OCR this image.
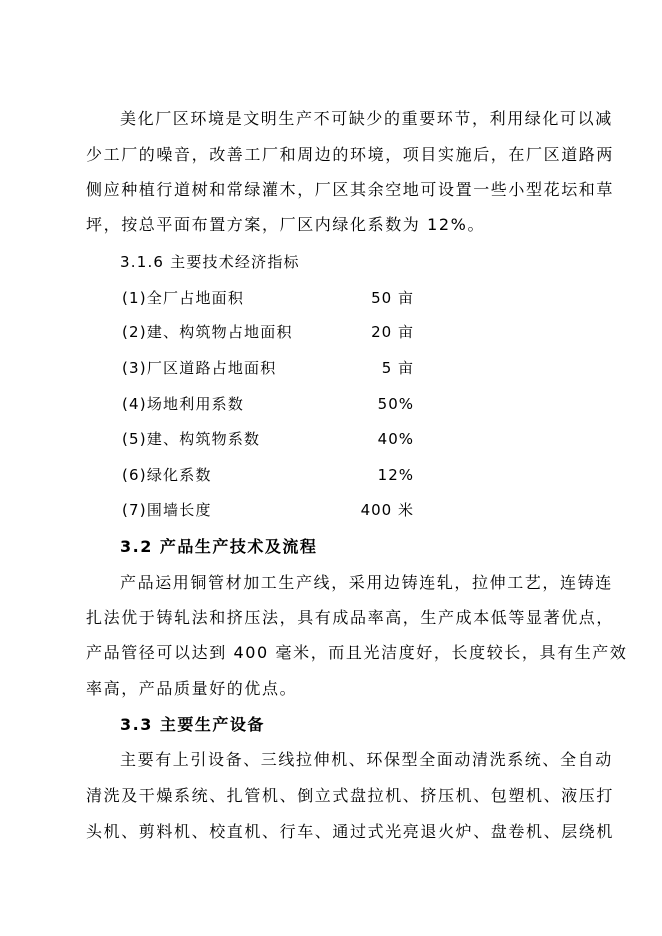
美化厂区环境是文明生产不可缺少的重要环节，利用绿化可以减
少工厂的噪音，改善工厂和周边的环境，项目实施后，在厂区道路两
侧应种植行道树和常绿灌木，厂区其余空地可设置一些小型花坛和草
坪，按总平面布置方案，厂区内绿化系数为 12%。
3.1.6 主要技术经济指标
(1)全厂占地面积	50 亩
(2)建、构筑物占地面积	20 亩
(3)厂区道路占地面积	5 亩
(4)场地利用系数	50%
(5)建、构筑物系数	40%
(6)绿化系数	12%
(7)围墙长度	400 米
3.2 产品生产技术及流程
产品运用铜管材加工生产线，采用边铸连轧，拉伸工艺，连铸连
扎法优于铸轧法和挤压法，具有成品率高，生产成本低等显著优点，
产品管径可以达到 400 毫米，而且光洁度好，长度较长，具有生产效
率高，产品质量好的优点。
3.3 主要生产设备
主要有上引设备、三线拉伸机、环保型全面动清洗系统、全自动
清洗及干燥系统、扎管机、倒立式盘拉机、挤压机、包塑机、液压打
头机、剪料机、校直机、行车、通过式光亮退火炉、盘卷机、层绕机
